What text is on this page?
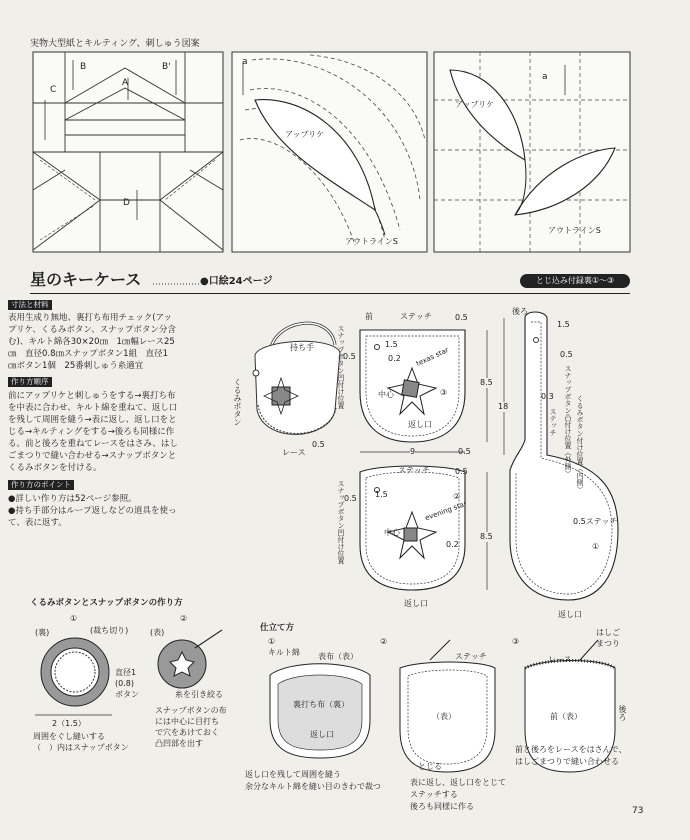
実物大型紙とキルティング、刺しゅう図案
C
B
A
B'
D
a
アップリケ
アウトラインS
a
アップリケ
アウトラインS
星のキーケース	●口絵24ページ	とじ込み付録裏①〜③
寸法と材料
表用生成り無地、裏打ち布用チェック(アッ
プリケ、くるみボタン、スナップボタン分含
む)、キルト綿各30×20㎝　1㎝幅レース25
㎝　直径0.8㎝スナップボタン1組　直径1
㎝ボタン1個　25番刺しゅう糸適宜
作り方順序
前にアップリケと刺しゅうをする→裏打ち布
を中表に合わせ、キルト綿を重ねて、返し口
を残して周囲を縫う→表に返し、返し口をと
じる→キルティングをする→後ろも同様に作
る。前と後ろを重ねてレースをはさみ、はし
ごまつりで縫い合わせる→スナップボタンと
くるみボタンを付ける。
作り方のポイント
●詳しい作り方は52ページ参照。
●持ち手部分はループ返しなどの道具を使っ
て、表に返す。
持ち手
くるみボタン
レース
0.5
前	ステッチ	0.5
1.5
0.5	0.2
スナップボタン凹付け位置	texas star
③
中心
返し口
8.5
9	0.5
ステッチ	0.5
1.5
0.5
スナップボタン凹付け位置	evening star
②
中心
0.2
返し口
8.5
後ろ
1.5
0.5
スナップボタン凸付け位置（外側）
0.3
ステッチ	くるみボタン付け位置（内側）
18
0.5ステッチ
①
返し口
くるみボタンとスナップボタンの作り方
①
(裏)	(裁ち切り)
直径1
(0.8)
ボタン
2（1.5）
周囲をぐし縫いする
（　）内はスナップボタン
②
(表)
糸を引き絞る
スナップボタンの布
には中心に目打ち
で穴をあけておく
凸凹部を出す
仕立て方
①
キルト綿 表布（表）
裏打ち布（裏）
返し口
返し口を残して周囲を縫う
余分なキルト綿を縫い目のきわで裁つ
②
ステッチ
（表）
とじる
表に返し、返し口をとじて
ステッチする
後ろも同様に作る
③
はしご
まつり
レース
前（表）	後ろ
前と後ろをレースをはさんで、
はしごまつりで縫い合わせる
73
